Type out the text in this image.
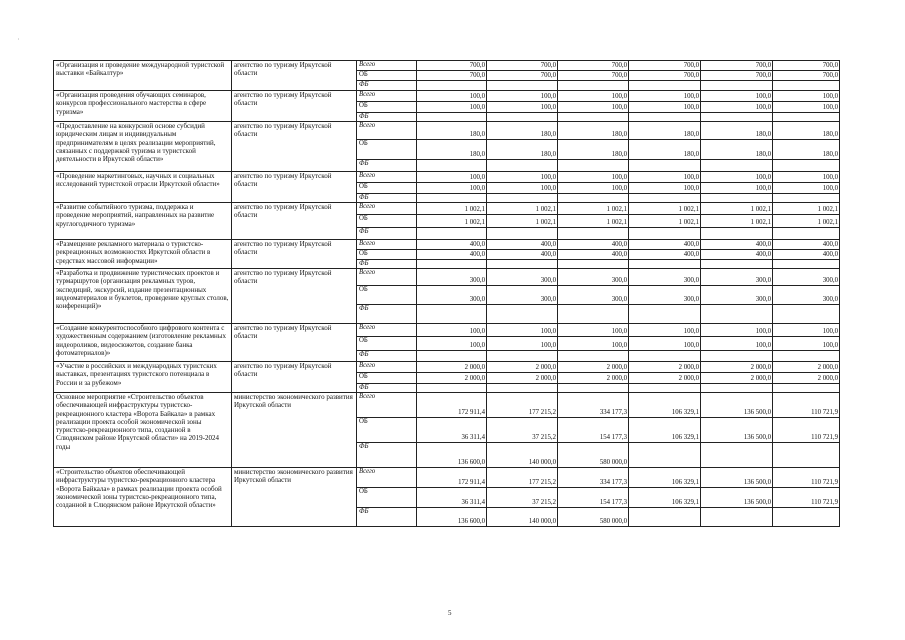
,
«Организация и проведение международной туристской выставки «Байкалтур»	агентство по туризму Иркутской области	Всего	700,0	700,0	700,0	700,0	700,0	700,0
		ОБ	700,0	700,0	700,0	700,0	700,0	700,0
		ФБ						
«Организация проведения обучающих семинаров, конкурсов профессионального мастерства в сфере туризма»	агентство по туризму Иркутской области	Всего	100,0	100,0	100,0	100,0	100,0	100,0
		ОБ	100,0	100,0	100,0	100,0	100,0	100,0
		ФБ						
«Предоставление на конкурсной основе субсидий юридическим лицам и индивидуальным предпринимателям в целях реализации мероприятий, связанных с поддержкой туризма и туристской деятельности в Иркутской области»	агентство по туризму Иркутской области	Всего	180,0	180,0	180,0	180,0	180,0	180,0
		ОБ	180,0	180,0	180,0	180,0	180,0	180,0
		ФБ						
«Проведение маркетинговых, научных и социальных исследований туристской отрасли Иркутской области»	агентство по туризму Иркутской области	Всего	100,0	100,0	100,0	100,0	100,0	100,0
		ОБ	100,0	100,0	100,0	100,0	100,0	100,0
		ФБ						
«Развитие событийного туризма, поддержка и проведение мероприятий, направленных на развитие круглогодичного туризма»	агентство по туризму Иркутской области	Всего	1 002,1	1 002,1	1 002,1	1 002,1	1 002,1	1 002,1
		ОБ	1 002,1	1 002,1	1 002,1	1 002,1	1 002,1	1 002,1
		ФБ						
«Размещение рекламного материала о туристско-рекреационных возможностях Иркутской области в средствах массовой информации»	агентство по туризму Иркутской области	Всего	400,0	400,0	400,0	400,0	400,0	400,0
		ОБ	400,0	400,0	400,0	400,0	400,0	400,0
		ФБ						
«Разработка и продвижение туристических проектов и турмаршрутов (организация рекламных туров, экспедиций, экскурсий, издание презентационных видеоматериалов и буклетов, проведение круглых столов, конференций)»	агентство по туризму Иркутской области	Всего	300,0	300,0	300,0	300,0	300,0	300,0
		ОБ	300,0	300,0	300,0	300,0	300,0	300,0
		ФБ						
«Создание конкурентоспособного цифрового контента с художественным содержанием (изготовление рекламных видеороликов, видеосюжетов, создание банка фотоматериалов)»	агентство по туризму Иркутской области	Всего	100,0	100,0	100,0	100,0	100,0	100,0
		ОБ	100,0	100,0	100,0	100,0	100,0	100,0
		ФБ						
«Участие в российских и международных туристских выставках, презентациях туристского потенциала в России и за рубежом»	агентство по туризму Иркутской области	Всего	2 000,0	2 000,0	2 000,0	2 000,0	2 000,0	2 000,0
		ОБ	2 000,0	2 000,0	2 000,0	2 000,0	2 000,0	2 000,0
		ФБ						
Основное мероприятие «Строительство объектов обеспечивающей инфраструктуры туристско-рекреационного кластера «Ворота Байкала» в рамках реализации проекта особой экономической зоны туристско-рекреационного типа, созданной в Слюдянском районе Иркутской области» на 2019-2024 годы	министерство экономического развития Иркутской области	Всего	172 911,4	177 215,2	334 177,3	106 329,1	136 500,0	110 721,9
		ОБ	36 311,4	37 215,2	154 177,3	106 329,1	136 500,0	110 721,9
		ФБ	136 600,0	140 000,0	580 000,0			
«Строительство объектов обеспечивающей инфраструктуры туристско-рекреационного кластера «Ворота Байкала» в рамках реализации проекта особой экономической зоны туристско-рекреационного типа, созданной в Слюдянском районе Иркутской области»	министерство экономического развития Иркутской области	Всего	172 911,4	177 215,2	334 177,3	106 329,1	136 500,0	110 721,9
		ОБ	36 311,4	37 215,2	154 177,3	106 329,1	136 500,0	110 721,9
		ФБ	136 600,0	140 000,0	580 000,0			
5
